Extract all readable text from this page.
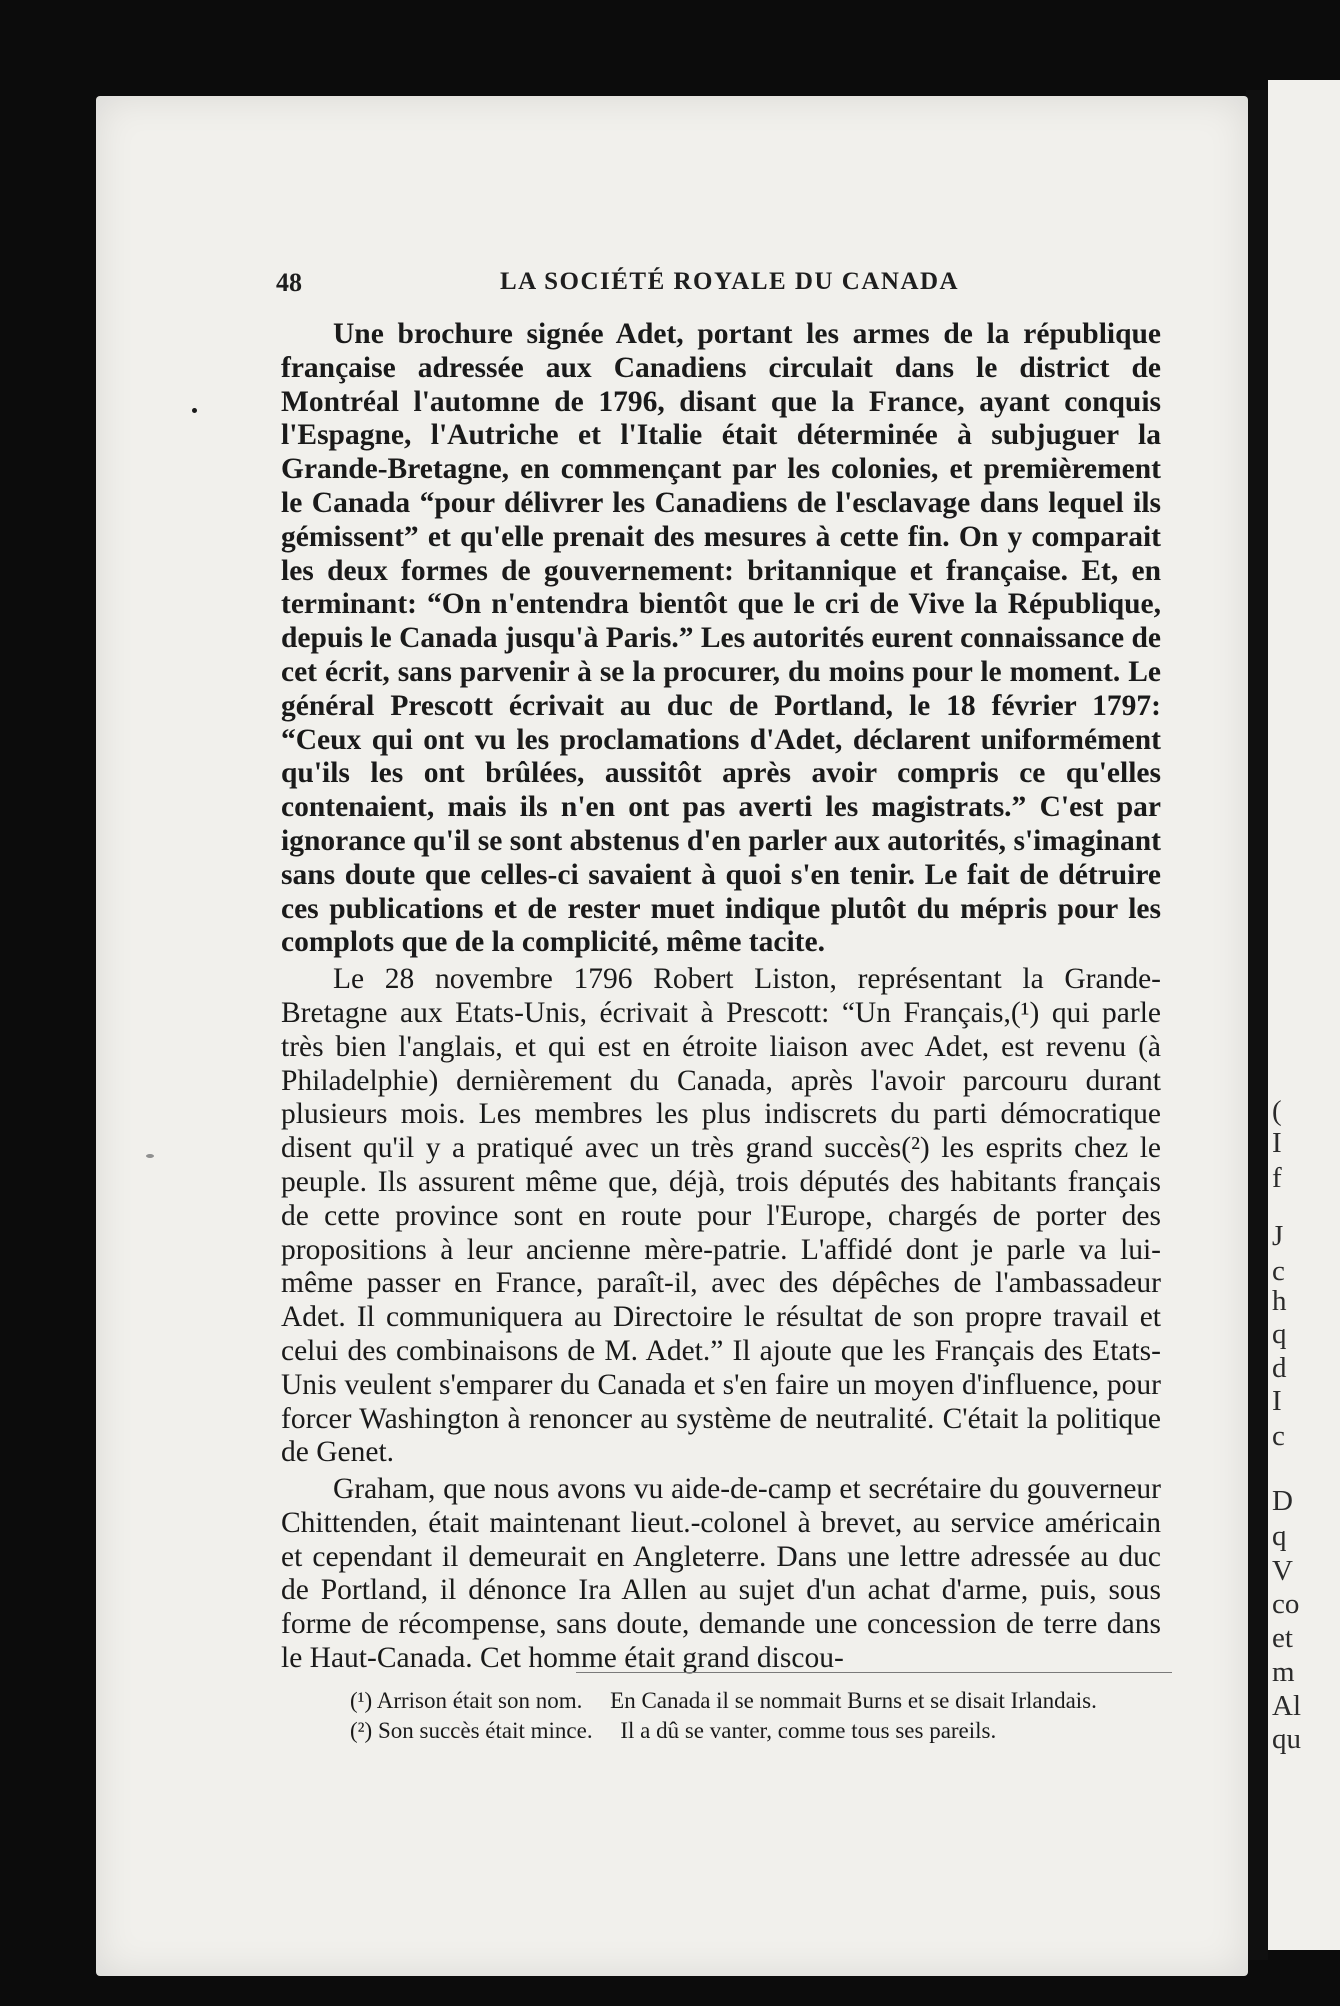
(
I
f
J
c
h
q
d
I
c
D
q
V
co
et
m
Al
qu
48	LA SOCIÉTÉ ROYALE DU CANADA

Une brochure signée Adet, portant les armes de la république française adressée aux Canadiens circulait dans le district de Montréal l'automne de 1796, disant que la France, ayant conquis l'Espagne, l'Autriche et l'Italie était déterminée à subjuguer la Grande-Bretagne, en commençant par les colonies, et premièrement le Canada “pour délivrer les Canadiens de l'esclavage dans lequel ils gémissent” et qu'elle prenait des mesures à cette fin. On y comparait les deux formes de gouvernement: britannique et française. Et, en terminant: “On n'entendra bientôt que le cri de Vive la République, depuis le Canada jusqu'à Paris.” Les autorités eurent connaissance de cet écrit, sans parvenir à se la procurer, du moins pour le moment. Le général Prescott écrivait au duc de Portland, le 18 février 1797: “Ceux qui ont vu les proclamations d'Adet, déclarent uniformément qu'ils les ont brûlées, aussitôt après avoir compris ce qu'elles contenaient, mais ils n'en ont pas averti les magistrats.” C'est par ignorance qu'il se sont abstenus d'en parler aux autorités, s'imaginant sans doute que celles-ci savaient à quoi s'en tenir. Le fait de détruire ces publications et de rester muet indique plutôt du mépris pour les complots que de la complicité, même tacite.

Le 28 novembre 1796 Robert Liston, représentant la Grande-Bretagne aux Etats-Unis, écrivait à Prescott: “Un Français,(¹) qui parle très bien l'anglais, et qui est en étroite liaison avec Adet, est revenu (à Philadelphie) dernièrement du Canada, après l'avoir parcouru durant plusieurs mois. Les membres les plus indiscrets du parti démocratique disent qu'il y a pratiqué avec un très grand succès(²) les esprits chez le peuple. Ils assurent même que, déjà, trois députés des habitants français de cette province sont en route pour l'Europe, chargés de porter des propositions à leur ancienne mère-patrie. L'affidé dont je parle va lui-même passer en France, paraît-il, avec des dépêches de l'ambassadeur Adet. Il communiquera au Directoire le résultat de son propre travail et celui des combinaisons de M. Adet.” Il ajoute que les Français des Etats-Unis veulent s'emparer du Canada et s'en faire un moyen d'influence, pour forcer Washington à renoncer au système de neutralité. C'était la politique de Genet.

Graham, que nous avons vu aide-de-camp et secrétaire du gouverneur Chittenden, était maintenant lieut.-colonel à brevet, au service américain et cependant il demeurait en Angleterre. Dans une lettre adressée au duc de Portland, il dénonce Ira Allen au sujet d'un achat d'arme, puis, sous forme de récompense, sans doute, demande une concession de terre dans le Haut-Canada. Cet homme était grand discou-

(¹) Arrison était son nom. En Canada il se nommait Burns et se disait Irlandais.
(²) Son succès était mince. Il a dû se vanter, comme tous ses pareils.
